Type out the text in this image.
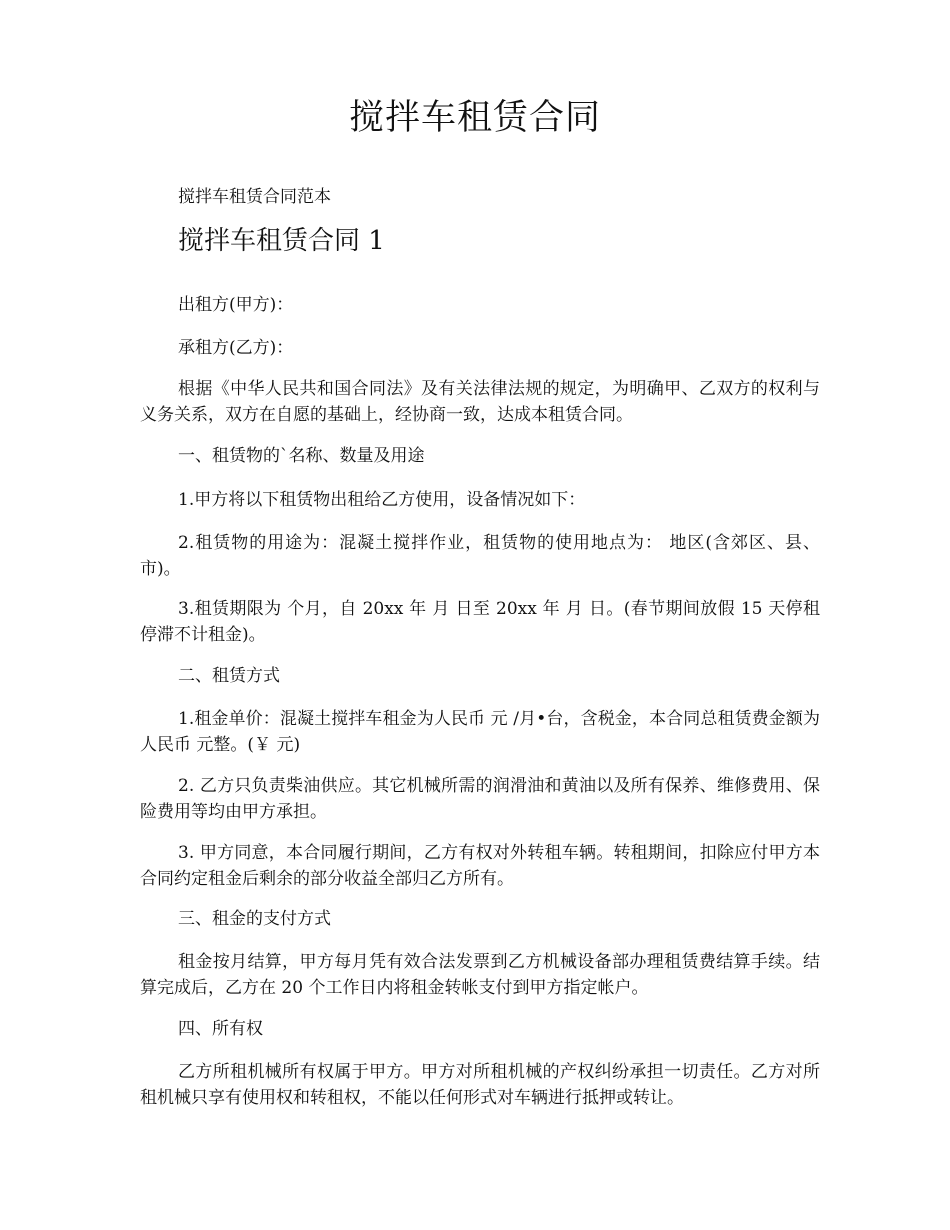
搅拌车租赁合同
搅拌车租赁合同范本
搅拌车租赁合同 1

出租方(甲方)：

承租方(乙方)：

根据《中华人民共和国合同法》及有关法律法规的规定，为明确甲、乙双方的权利与义务关系，双方在自愿的基础上，经协商一致，达成本租赁合同。

一、租赁物的`名称、数量及用途

1.甲方将以下租赁物出租给乙方使用，设备情况如下：

2.租赁物的用途为：混凝土搅拌作业，租赁物的使用地点为： 地区(含郊区、县、市)。

3.租赁期限为 个月，自 20xx 年 月 日至 20xx 年 月 日。(春节期间放假 15 天停租停滞不计租金)。

二、租赁方式

1.租金单价：混凝土搅拌车租金为人民币 元 /月•台，含税金，本合同总租赁费金额为人民币 元整。(￥ 元)

2. 乙方只负责柴油供应。其它机械所需的润滑油和黄油以及所有保养、维修费用、保险费用等均由甲方承担。

3. 甲方同意，本合同履行期间，乙方有权对外转租车辆。转租期间，扣除应付甲方本合同约定租金后剩余的部分收益全部归乙方所有。

三、租金的支付方式

租金按月结算，甲方每月凭有效合法发票到乙方机械设备部办理租赁费结算手续。结算完成后，乙方在 20 个工作日内将租金转帐支付到甲方指定帐户。

四、所有权

乙方所租机械所有权属于甲方。甲方对所租机械的产权纠纷承担一切责任。乙方对所租机械只享有使用权和转租权，不能以任何形式对车辆进行抵押或转让。
